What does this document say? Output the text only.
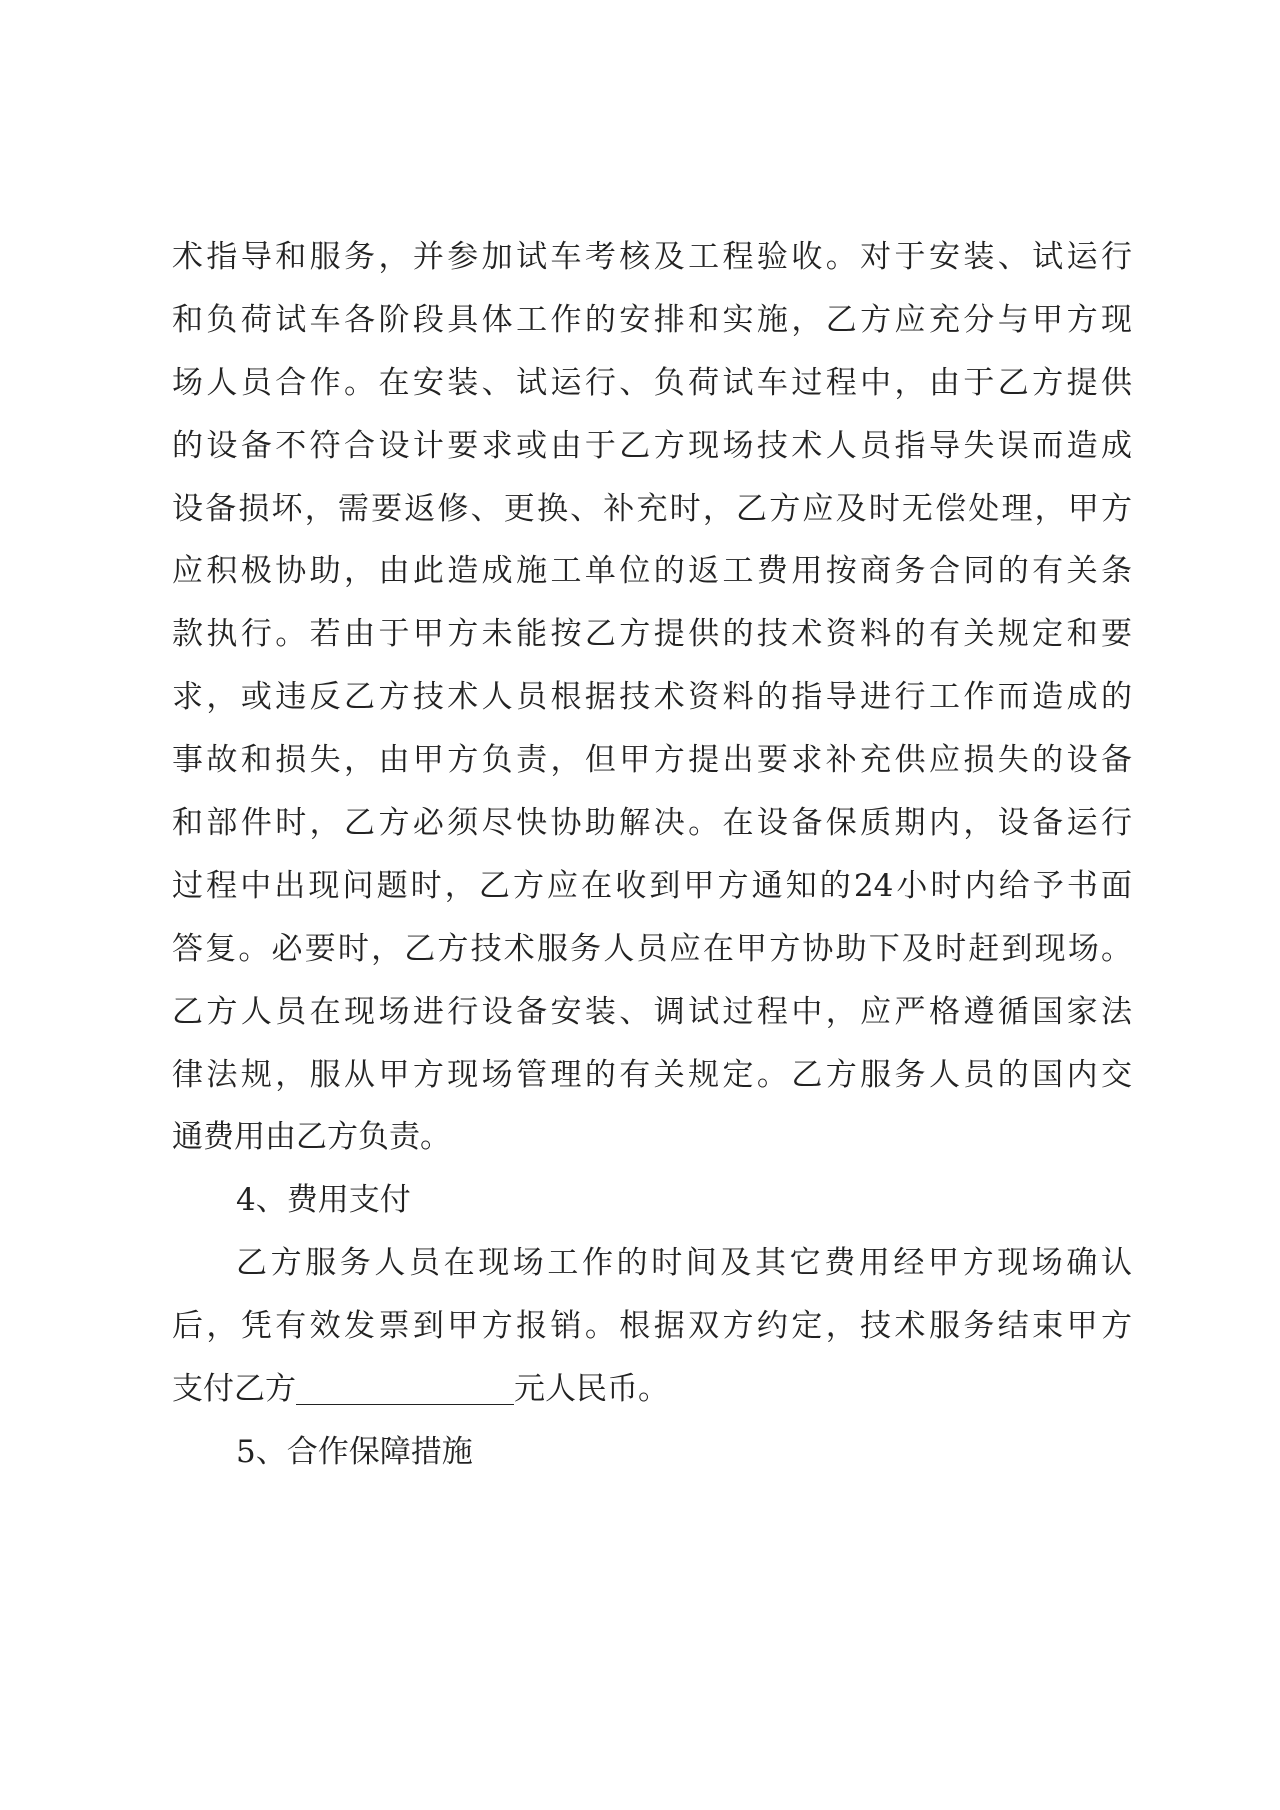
术指导和服务，并参加试车考核及工程验收。对于安装、试运行
和负荷试车各阶段具体工作的安排和实施，乙方应充分与甲方现
场人员合作。在安装、试运行、负荷试车过程中，由于乙方提供
的设备不符合设计要求或由于乙方现场技术人员指导失误而造成
设备损坏，需要返修、更换、补充时，乙方应及时无偿处理，甲方
应积极协助，由此造成施工单位的返工费用按商务合同的有关条
款执行。若由于甲方未能按乙方提供的技术资料的有关规定和要
求，或违反乙方技术人员根据技术资料的指导进行工作而造成的
事故和损失，由甲方负责，但甲方提出要求补充供应损失的设备
和部件时，乙方必须尽快协助解决。在设备保质期内，设备运行
过程中出现问题时，乙方应在收到甲方通知的24小时内给予书面
答复。必要时，乙方技术服务人员应在甲方协助下及时赶到现场。
乙方人员在现场进行设备安装、调试过程中，应严格遵循国家法
律法规，服从甲方现场管理的有关规定。乙方服务人员的国内交
通费用由乙方负责。
4、费用支付
乙方服务人员在现场工作的时间及其它费用经甲方现场确认
后，凭有效发票到甲方报销。根据双方约定，技术服务结束甲方
支付乙方	元人民币。
5、合作保障措施
